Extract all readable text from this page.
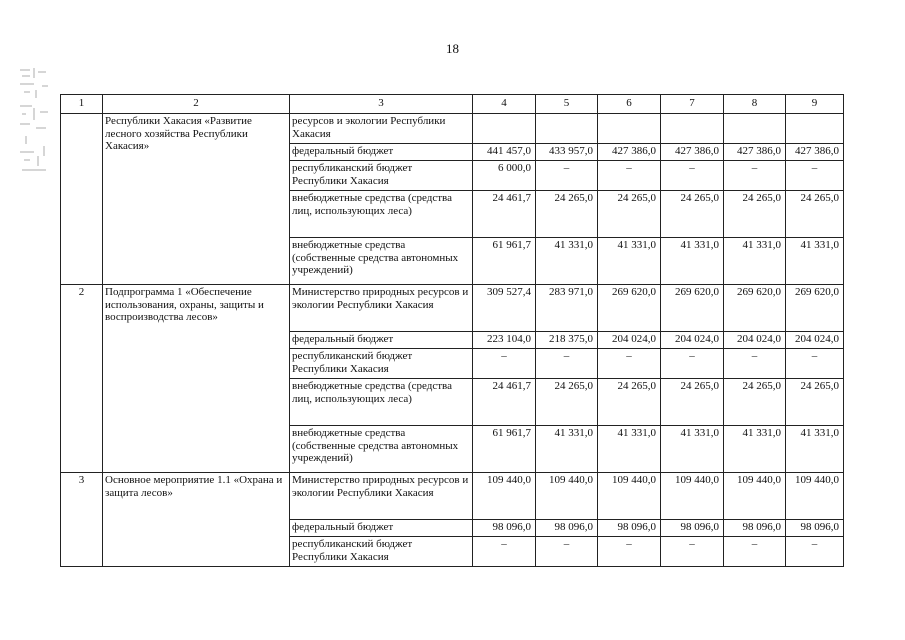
18
1	2	3	4	5	6	7	8	9
	Республики Хакасия «Развитие лесного хозяйства Республики Хакасия»	ресурсов и экологии Республики Хакасия						
		федеральный бюджет	441 457,0	433 957,0	427 386,0	427 386,0	427 386,0	427 386,0
		республиканский бюджет Республики Хакасия	6 000,0	–	–	–	–	–
		внебюджетные средства (средства лиц, использующих леса)	24 461,7	24 265,0	24 265,0	24 265,0	24 265,0	24 265,0
		внебюджетные средства (собственные средства автономных учреждений)	61 961,7	41 331,0	41 331,0	41 331,0	41 331,0	41 331,0
2	Подпрограмма 1 «Обеспечение использования, охраны, защиты и воспроизводства лесов»	Министерство природных ресурсов и экологии Республики Хакасия	309 527,4	283 971,0	269 620,0	269 620,0	269 620,0	269 620,0
		федеральный бюджет	223 104,0	218 375,0	204 024,0	204 024,0	204 024,0	204 024,0
		республиканский бюджет Республики Хакасия	–	–	–	–	–	–
		внебюджетные средства (средства лиц, использующих леса)	24 461,7	24 265,0	24 265,0	24 265,0	24 265,0	24 265,0
		внебюджетные средства (собственные средства автономных учреждений)	61 961,7	41 331,0	41 331,0	41 331,0	41 331,0	41 331,0
3	Основное мероприятие 1.1 «Охрана и защита лесов»	Министерство природных ресурсов и экологии Республики Хакасия	109 440,0	109 440,0	109 440,0	109 440,0	109 440,0	109 440,0
		федеральный бюджет	98 096,0	98 096,0	98 096,0	98 096,0	98 096,0	98 096,0
		республиканский бюджет Республики Хакасия	–	–	–	–	–	–
